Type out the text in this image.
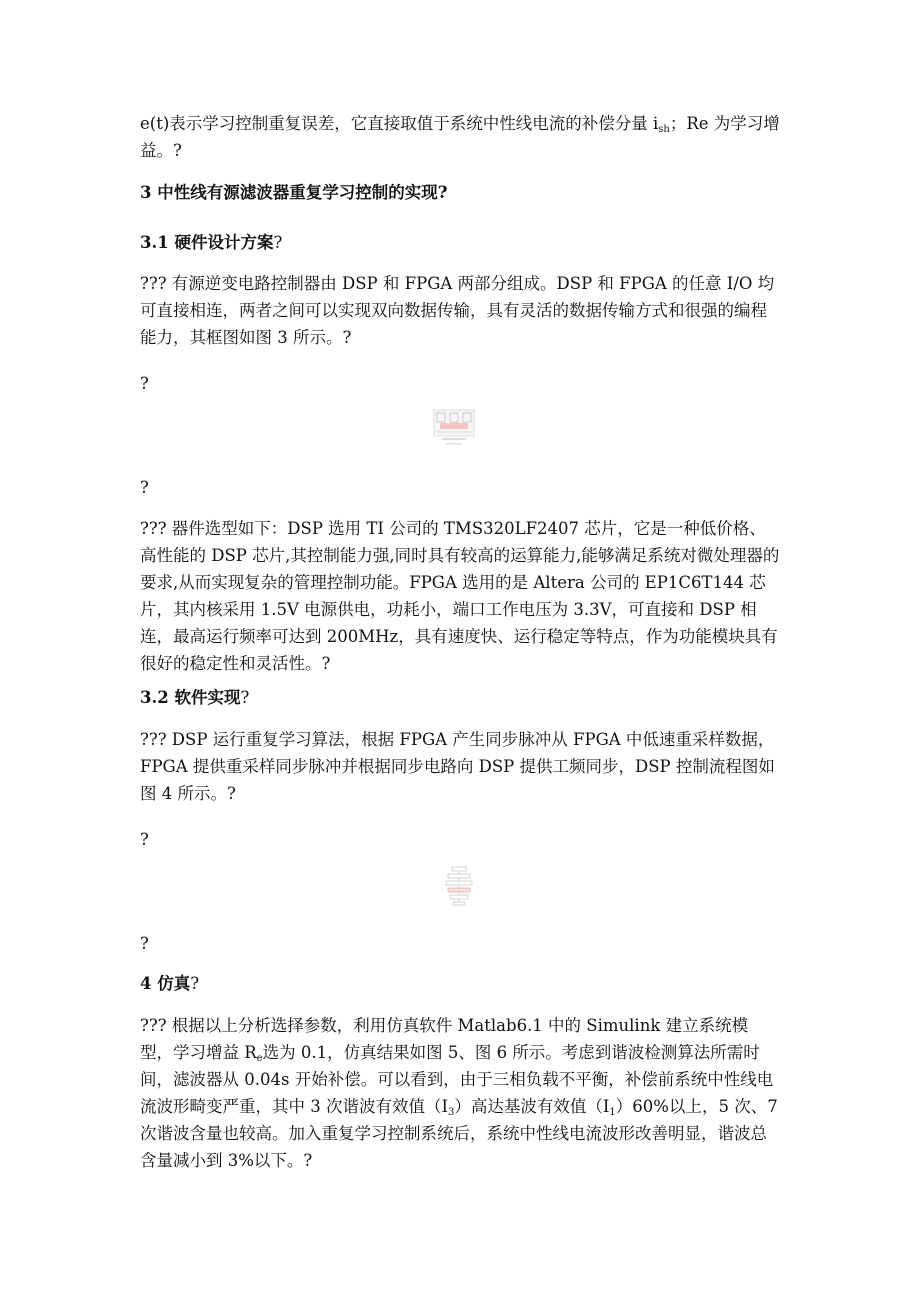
e(t)表示学习控制重复误差，它直接取值于系统中性线电流的补偿分量 $i_{sh}$；Re 为学习增益。?

3 中性线有源滤波器重复学习控制的实现?

3.1 硬件设计方案?

??? 有源逆变电路控制器由 DSP 和 FPGA 两部分组成。DSP 和 FPGA 的任意 I/O 均可直接相连，两者之间可以实现双向数据传输，具有灵活的数据传输方式和很强的编程能力，其框图如图 3 所示。?

?
?

??? 器件选型如下：DSP 选用 TI 公司的 TMS320LF2407 芯片，它是一种低价格、高性能的 DSP 芯片,其控制能力强,同时具有较高的运算能力,能够满足系统对微处理器的要求,从而实现复杂的管理控制功能。FPGA 选用的是 Altera 公司的 EP1C6T144 芯片，其内核采用 1.5V 电源供电，功耗小，端口工作电压为 3.3V，可直接和 DSP 相连，最高运行频率可达到 200MHz，具有速度快、运行稳定等特点，作为功能模块具有很好的稳定性和灵活性。?

3.2 软件实现?

??? DSP 运行重复学习算法，根据 FPGA 产生同步脉冲从 FPGA 中低速重采样数据，FPGA 提供重采样同步脉冲并根据同步电路向 DSP 提供工频同步，DSP 控制流程图如图 4 所示。?

?
?

4 仿真?

??? 根据以上分析选择参数，利用仿真软件 Matlab6.1 中的 Simulink 建立系统模型，学习增益 $R_e$选为 0.1，仿真结果如图 5、图 6 所示。考虑到谐波检测算法所需时间，滤波器从 0.04s 开始补偿。可以看到，由于三相负载不平衡，补偿前系统中性线电流波形畸变严重，其中 3 次谐波有效值$(I_3)$高达基波有效值$(I_1)60\%$以上，5 次、7 次谐波含量也较高。加入重复学习控制系统后，系统中性线电流波形改善明显，谐波总含量减小到 3%以下。?
